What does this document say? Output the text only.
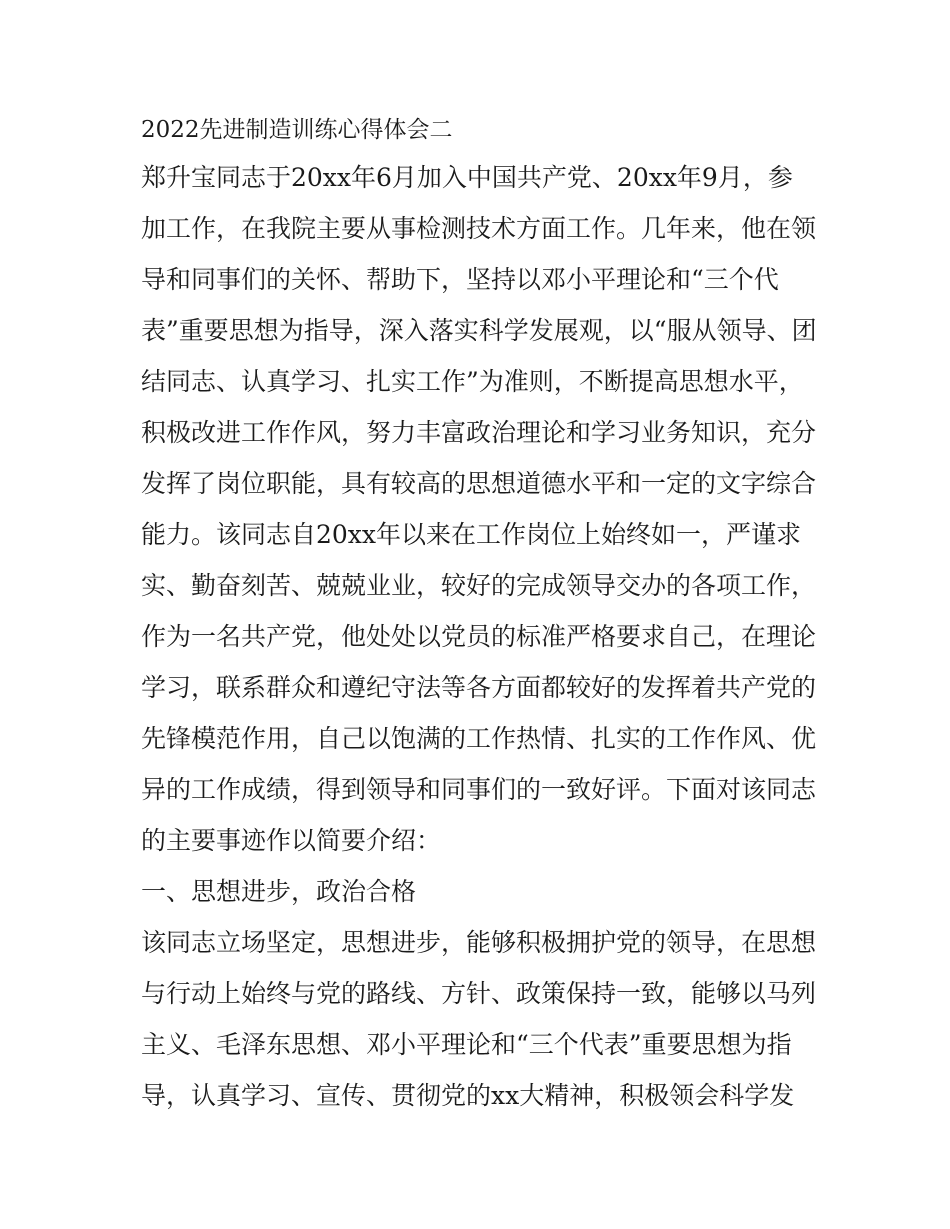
2022先进制造训练心得体会二
郑升宝同志于20xx年6月加入中国共产党、20xx年9月，参
加工作，在我院主要从事检测技术方面工作。几年来，他在领
导和同事们的关怀、帮助下，坚持以邓小平理论和“三个代
表”重要思想为指导，深入落实科学发展观，以“服从领导、团
结同志、认真学习、扎实工作”为准则，不断提高思想水平，
积极改进工作作风，努力丰富政治理论和学习业务知识，充分
发挥了岗位职能，具有较高的思想道德水平和一定的文字综合
能力。该同志自20xx年以来在工作岗位上始终如一，严谨求
实、勤奋刻苦、兢兢业业，较好的完成领导交办的各项工作，
作为一名共产党，他处处以党员的标准严格要求自己，在理论
学习，联系群众和遵纪守法等各方面都较好的发挥着共产党的
先锋模范作用，自己以饱满的工作热情、扎实的工作作风、优
异的工作成绩，得到领导和同事们的一致好评。下面对该同志
的主要事迹作以简要介绍：
一、思想进步，政治合格
该同志立场坚定，思想进步，能够积极拥护党的领导，在思想
与行动上始终与党的路线、方针、政策保持一致，能够以马列
主义、毛泽东思想、邓小平理论和“三个代表”重要思想为指
导，认真学习、宣传、贯彻党的xx大精神，积极领会科学发
